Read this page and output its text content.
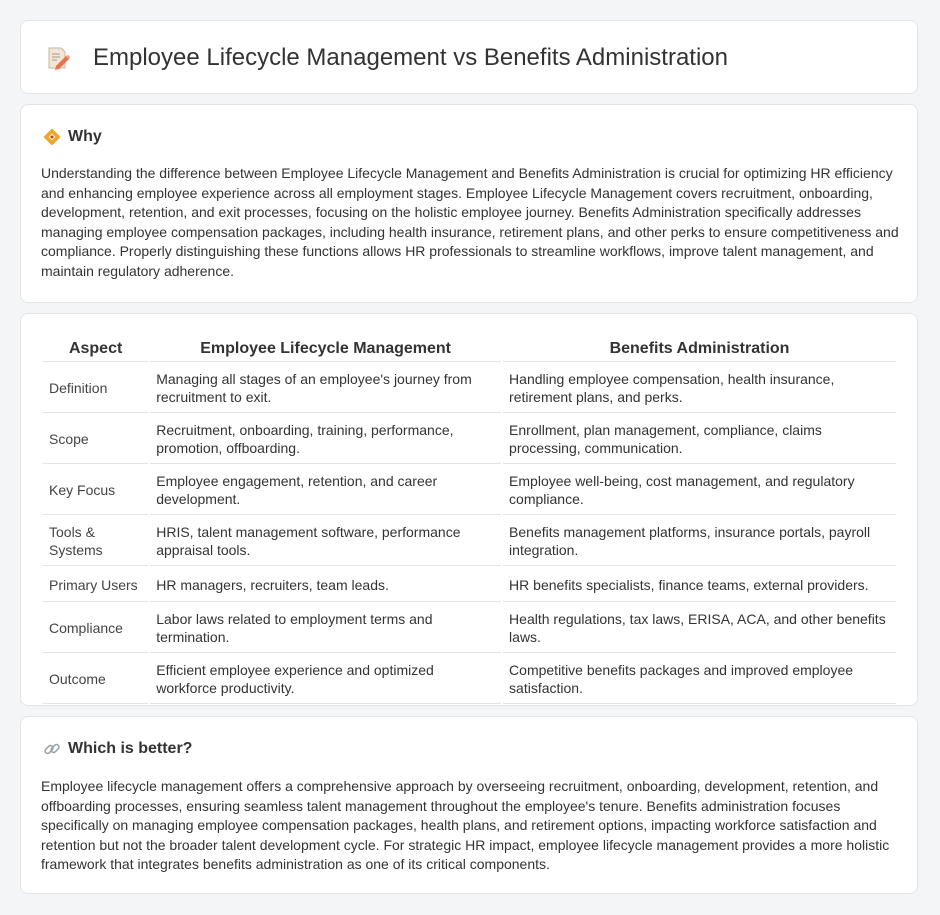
Employee Lifecycle Management vs Benefits Administration
Why

Understanding the difference between Employee Lifecycle Management and Benefits Administration is crucial for optimizing HR efficiency and enhancing employee experience across all employment stages. Employee Lifecycle Management covers recruitment, onboarding, development, retention, and exit processes, focusing on the holistic employee journey. Benefits Administration specifically addresses managing employee compensation packages, including health insurance, retirement plans, and other perks to ensure competitiveness and compliance. Properly distinguishing these functions allows HR professionals to streamline workflows, improve talent management, and maintain regulatory adherence.

Aspect	Employee Lifecycle Management	Benefits Administration
Definition	Managing all stages of an employee's journey from recruitment to exit.	Handling employee compensation, health insurance, retirement plans, and perks.
Scope	Recruitment, onboarding, training, performance, promotion, offboarding.	Enrollment, plan management, compliance, claims processing, communication.
Key Focus	Employee engagement, retention, and career development.	Employee well-being, cost management, and regulatory compliance.
Tools & Systems	HRIS, talent management software, performance appraisal tools.	Benefits management platforms, insurance portals, payroll integration.
Primary Users	HR managers, recruiters, team leads.	HR benefits specialists, finance teams, external providers.
Compliance	Labor laws related to employment terms and termination.	Health regulations, tax laws, ERISA, ACA, and other benefits laws.
Outcome	Efficient employee experience and optimized workforce productivity.	Competitive benefits packages and improved employee satisfaction.
Which is better?

Employee lifecycle management offers a comprehensive approach by overseeing recruitment, onboarding, development, retention, and offboarding processes, ensuring seamless talent management throughout the employee's tenure. Benefits administration focuses specifically on managing employee compensation packages, health plans, and retirement options, impacting workforce satisfaction and retention but not the broader talent development cycle. For strategic HR impact, employee lifecycle management provides a more holistic framework that integrates benefits administration as one of its critical components.
